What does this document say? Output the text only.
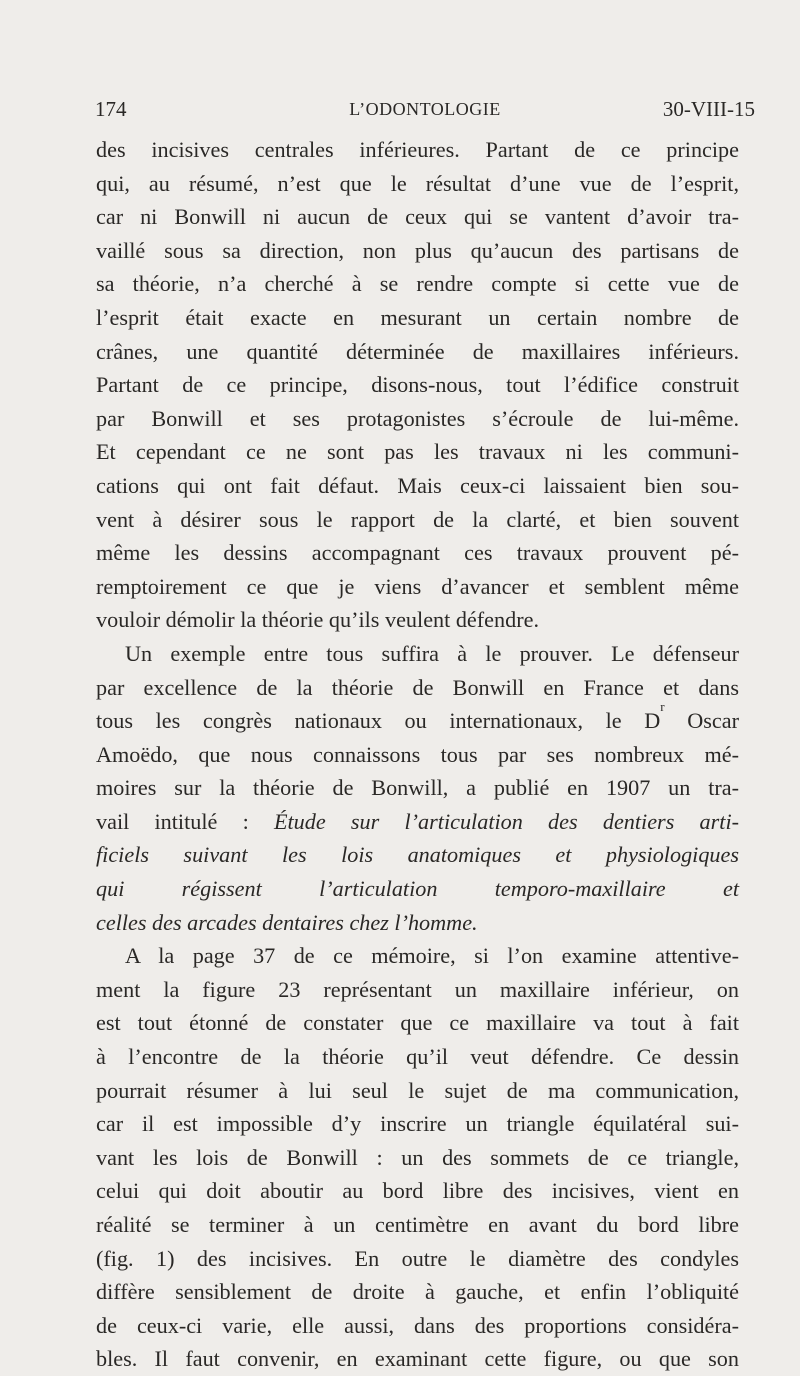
174	L’ODONTOLOGIE	30-VIII-15
des incisives centrales inférieures. Partant de ce principe
qui, au résumé, n’est que le résultat d’une vue de l’esprit,
car ni Bonwill ni aucun de ceux qui se vantent d’avoir tra-
vaillé sous sa direction, non plus qu’aucun des partisans de
sa théorie, n’a cherché à se rendre compte si cette vue de
l’esprit était exacte en mesurant un certain nombre de
crânes, une quantité déterminée de maxillaires inférieurs.
Partant de ce principe, disons-nous, tout l’édifice construit
par Bonwill et ses protagonistes s’écroule de lui-même.
Et cependant ce ne sont pas les travaux ni les communi-
cations qui ont fait défaut. Mais ceux-ci laissaient bien sou-
vent à désirer sous le rapport de la clarté, et bien souvent
même les dessins accompagnant ces travaux prouvent pé-
remptoirement ce que je viens d’avancer et semblent même
vouloir démolir la théorie qu’ils veulent défendre.
Un exemple entre tous suffira à le prouver. Le défenseur
par excellence de la théorie de Bonwill en France et dans
tous les congrès nationaux ou internationaux, le $D^r$ Oscar
Amoëdo, que nous connaissons tous par ses nombreux mé-
moires sur la théorie de Bonwill, a publié en 1907 un tra-
vail intitulé : Étude sur l’articulation des dentiers arti-
ficiels suivant les lois anatomiques et physiologiques
qui régissent l’articulation temporo-maxillaire et
celles des arcades dentaires chez l’homme.
A la page 37 de ce mémoire, si l’on examine attentive-
ment la figure 23 représentant un maxillaire inférieur, on
est tout étonné de constater que ce maxillaire va tout à fait
à l’encontre de la théorie qu’il veut défendre. Ce dessin
pourrait résumer à lui seul le sujet de ma communication,
car il est impossible d’y inscrire un triangle équilatéral sui-
vant les lois de Bonwill : un des sommets de ce triangle,
celui qui doit aboutir au bord libre des incisives, vient en
réalité se terminer à un centimètre en avant du bord libre
(fig. 1) des incisives. En outre le diamètre des condyles
diffère sensiblement de droite à gauche, et enfin l’obliquité
de ceux-ci varie, elle aussi, dans des proportions considéra-
bles. Il faut convenir, en examinant cette figure, ou que son
